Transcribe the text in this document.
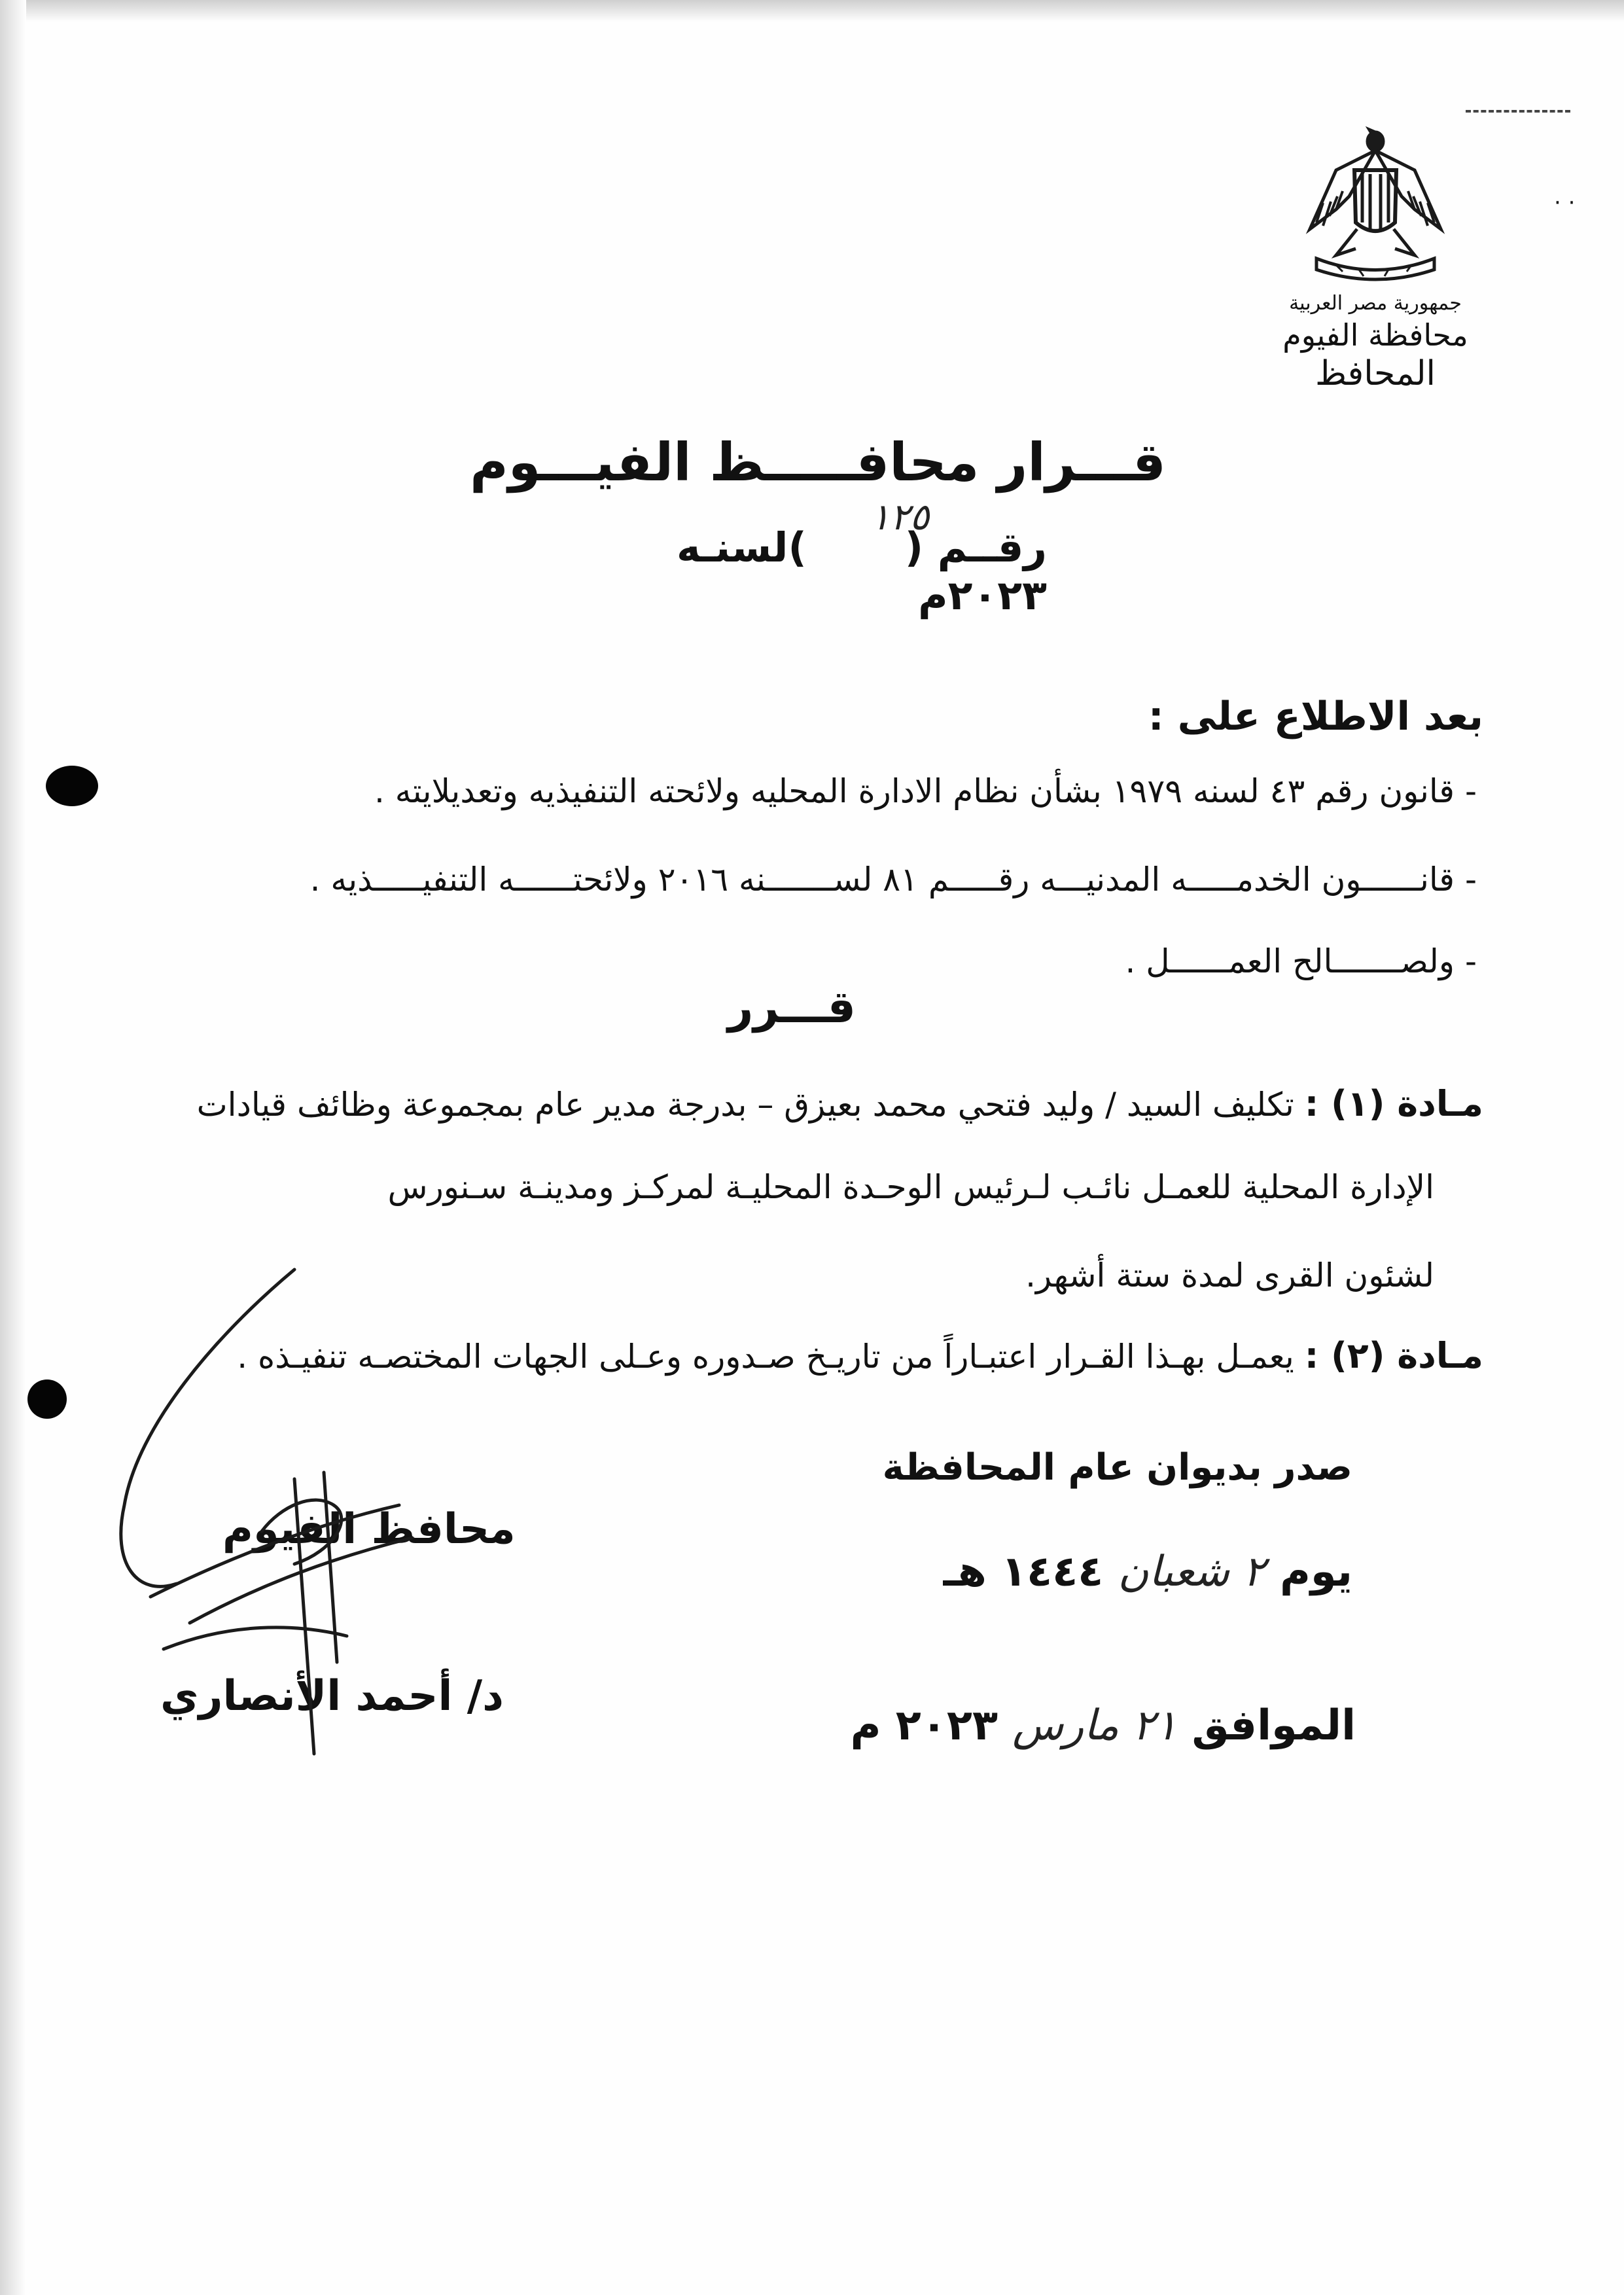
· ·
جمهورية مصر العربية
محافظة الفيوم
المحافظ
قـــرار محافـــــظ الفيـــوم
رقــم ()لسنـه ٢٠٢٣م
١٢٥
بعد الاطلاع على :
- قانون رقم ٤٣ لسنه ١٩٧٩ بشأن نظام الادارة المحليه ولائحته التنفيذيه وتعديلايته .
- قانــــــون الخدمـــــه المدنيـــه رقـــــم ٨١ لســـــــنه ٢٠١٦ ولائحتــــــه التنفيـــــذيه .
- ولصـــــــالح العمــــــل .
قـــرر
مـادة (١) : تكليف السيد / وليد فتحي محمد بعيزق – بدرجة مدير عام بمجموعة وظائف قيادات
الإدارة المحلية للعمـل نائـب لـرئيس الوحـدة المحليـة لمركـز ومدينـة سـنورس
لشئون القرى لمدة ستة أشهر.
مـادة (٢) : يعمـل بهـذا القـرار اعتبـاراً من تاريـخ صـدوره وعـلى الجهات المختصـه تنفيـذه .
صدر بديوان عام المحافظة
يوم ٢ شعبان ١٤٤٤ هـ
الموافق ٢١ مارس ٢٠٢٣ م
محافظ الفيوم
د/ أحمد الأنصاري
